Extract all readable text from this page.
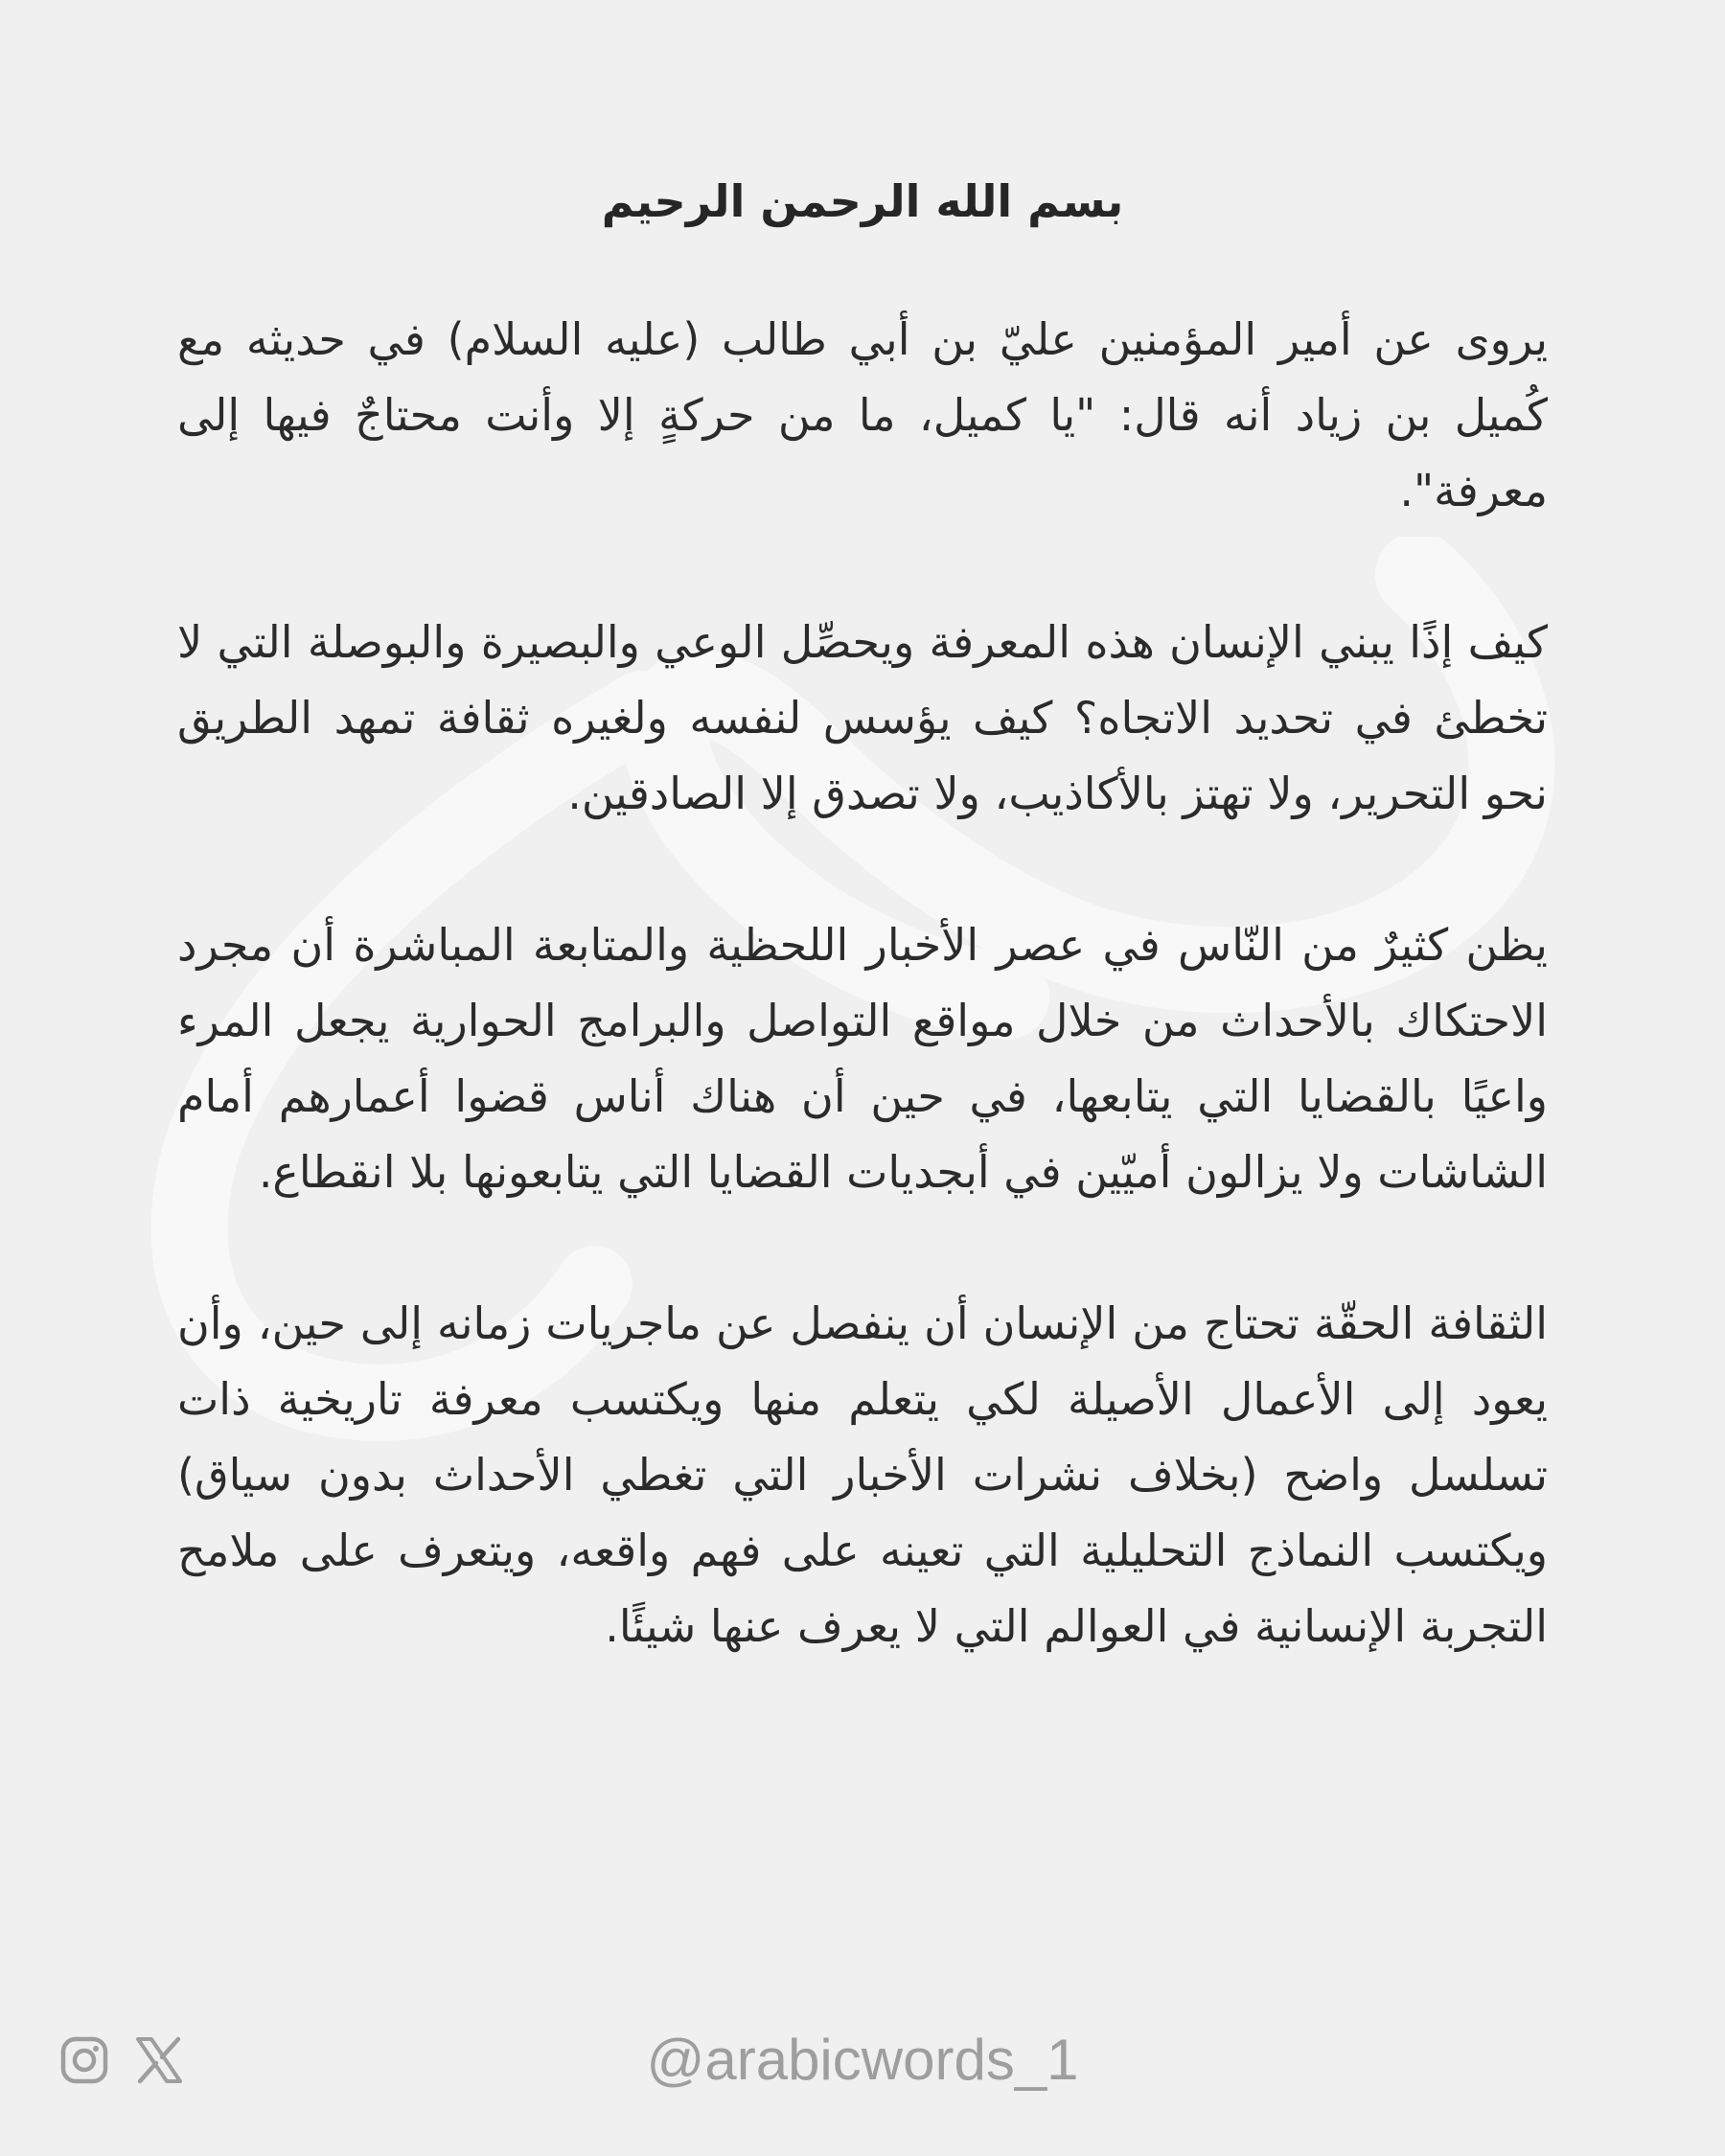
بسم الله الرحمن الرحيم

يروى عن أمير المؤمنين عليّ بن أبي طالب (عليه السلام) في حديثه مع كُميل بن زياد أنه قال: "يا كميل، ما من حركةٍ إلا وأنت محتاجٌ فيها إلى معرفة".

كيف إذًا يبني الإنسان هذه المعرفة ويحصِّل الوعي والبصيرة والبوصلة التي لا تخطئ في تحديد الاتجاه؟ كيف يؤسس لنفسه ولغيره ثقافة تمهد الطريق نحو التحرير، ولا تهتز بالأكاذيب، ولا تصدق إلا الصادقين.

يظن كثيرٌ من النّاس في عصر الأخبار اللحظية والمتابعة المباشرة أن مجرد الاحتكاك بالأحداث من خلال مواقع التواصل والبرامج الحوارية يجعل المرء واعيًا بالقضايا التي يتابعها، في حين أن هناك أناس قضوا أعمارهم أمام الشاشات ولا يزالون أميّين في أبجديات القضايا التي يتابعونها بلا انقطاع.

الثقافة الحقّة تحتاج من الإنسان أن ينفصل عن ماجريات زمانه إلى حين، وأن يعود إلى الأعمال الأصيلة لكي يتعلم منها ويكتسب معرفة تاريخية ذات تسلسل واضح (بخلاف نشرات الأخبار التي تغطي الأحداث بدون سياق) ويكتسب النماذج التحليلية التي تعينه على فهم واقعه، ويتعرف على ملامح التجربة الإنسانية في العوالم التي لا يعرف عنها شيئًا.

@arabicwords_1
